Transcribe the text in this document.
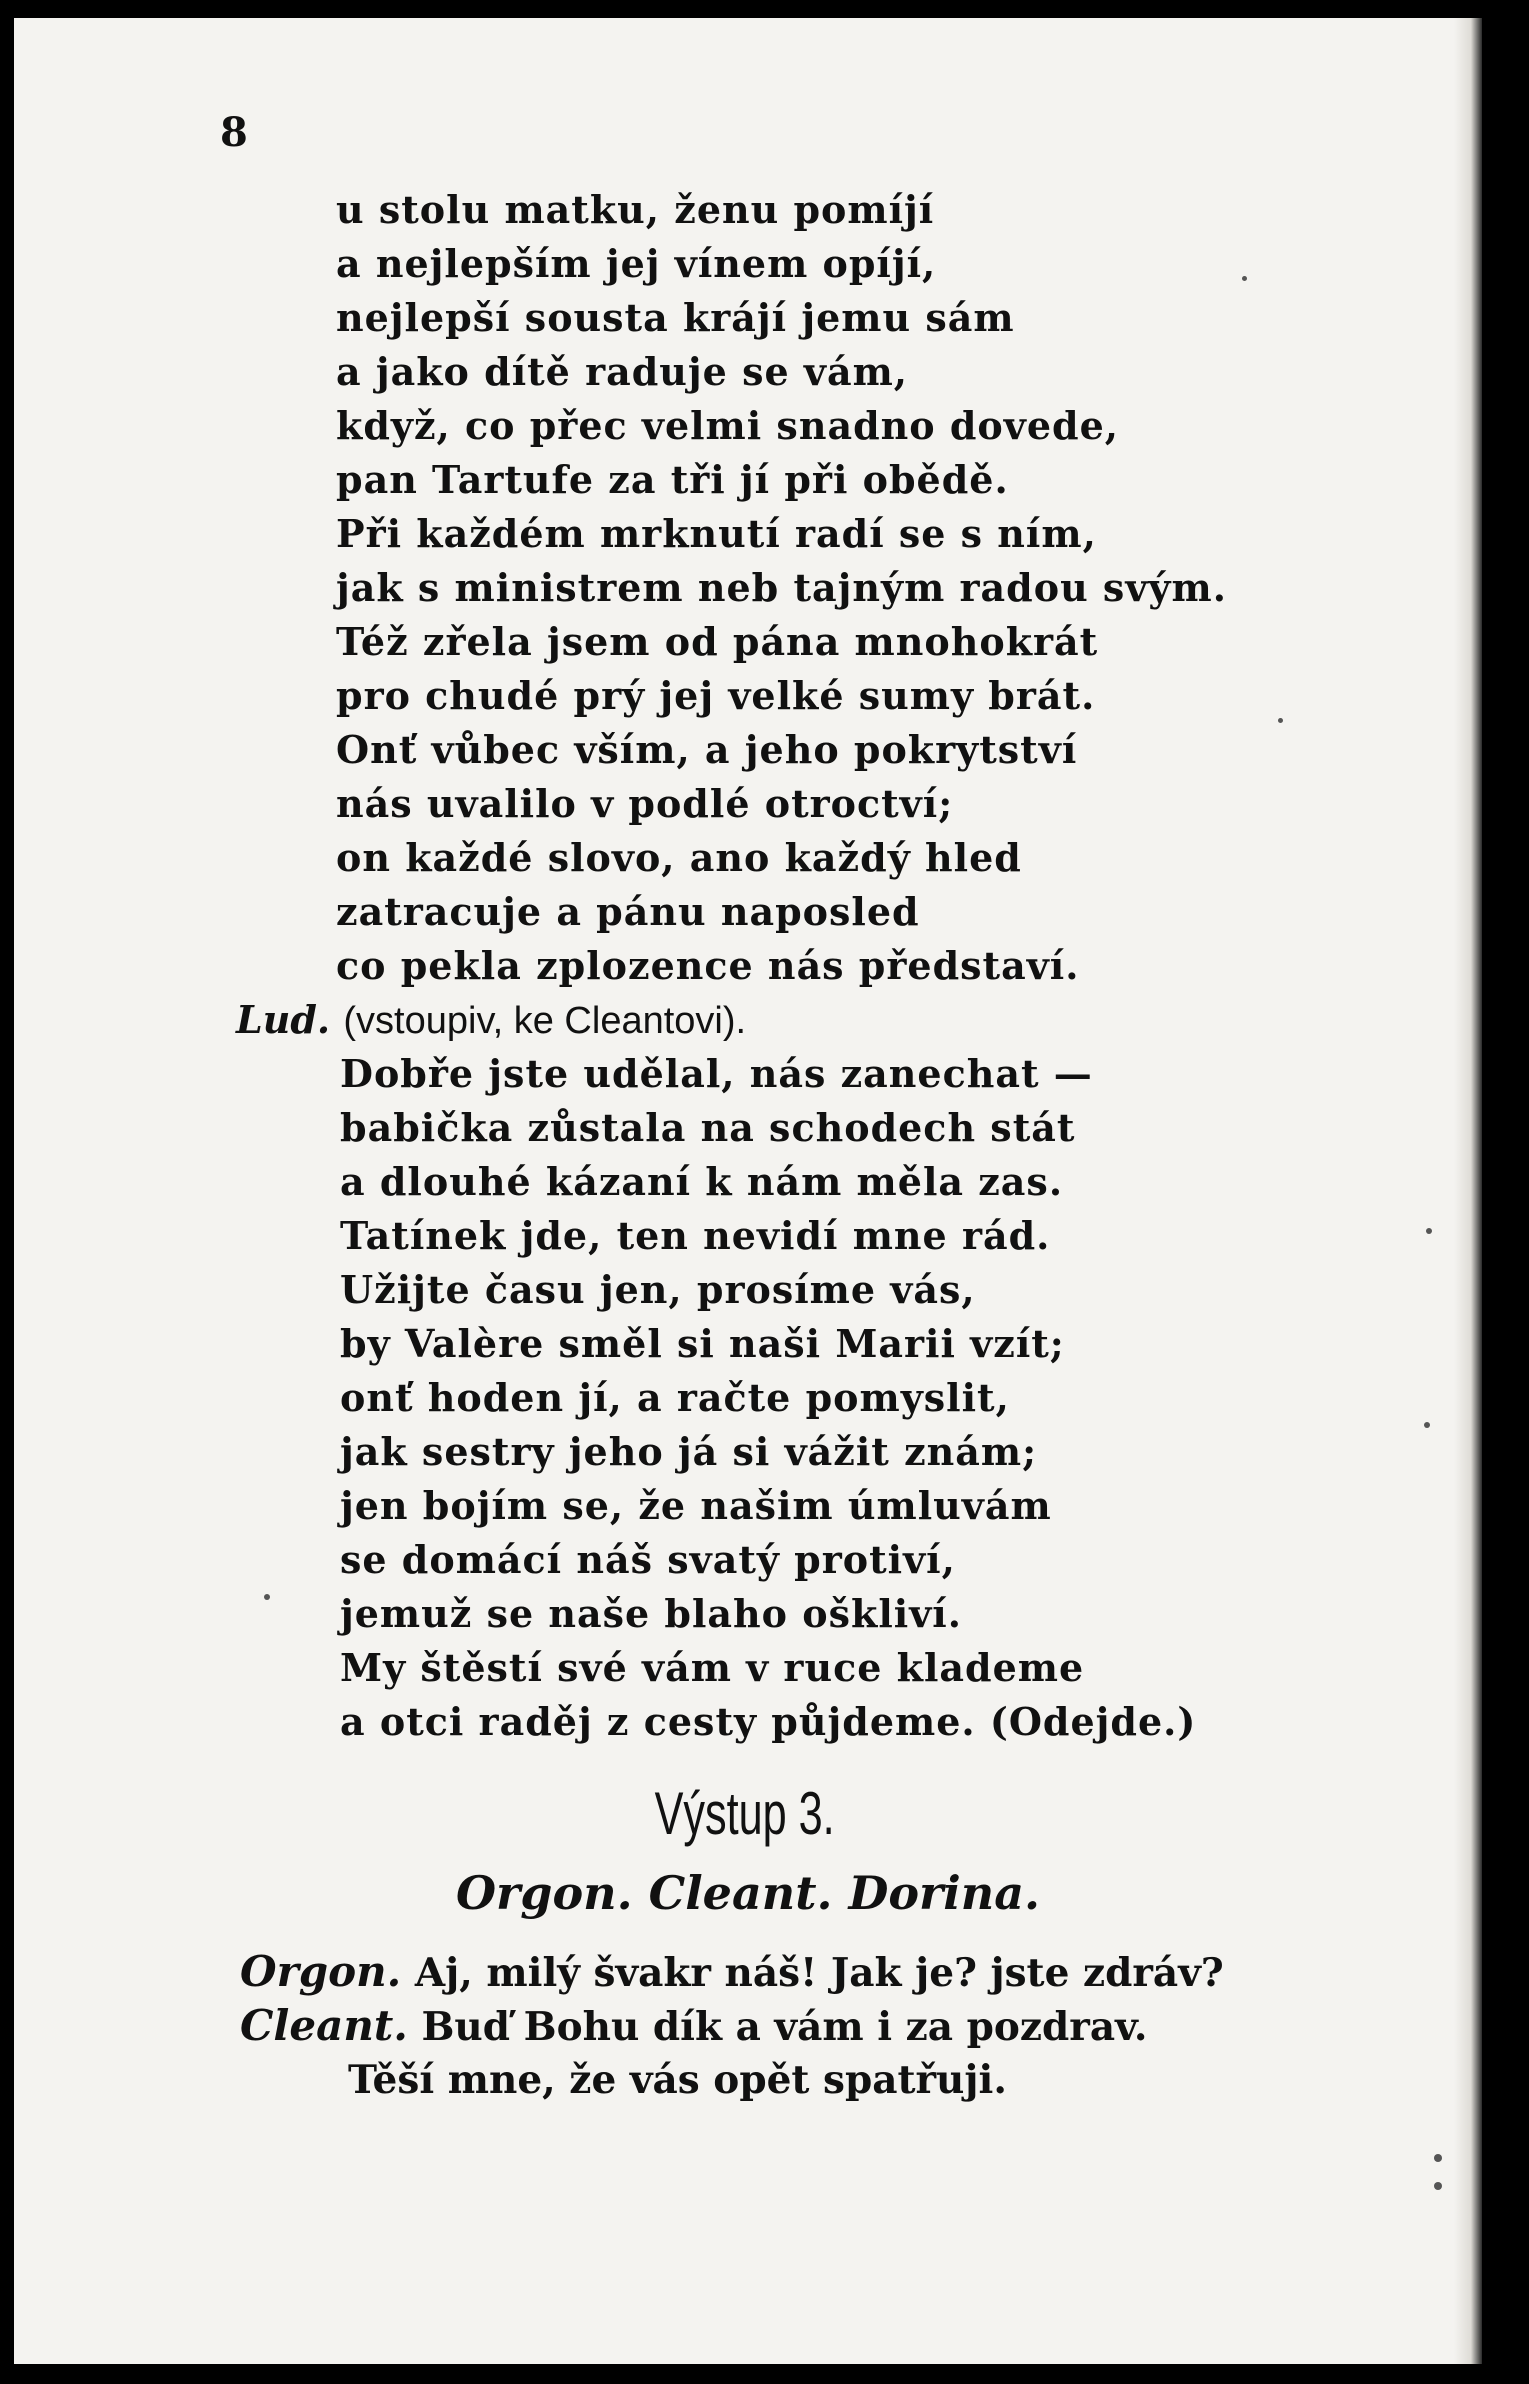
8
u stolu matku, ženu pomíjí
a nejlepším jej vínem opíjí,
nejlepší sousta krájí jemu sám
a jako dítě raduje se vám,
když, co přec velmi snadno dovede,
pan Tartufe za tři jí při obědě.
Při každém mrknutí radí se s ním,
jak s ministrem neb tajným radou svým.
Též zřela jsem od pána mnohokrát
pro chudé prý jej velké sumy brát.
Onť vůbec vším, a jeho pokrytství
nás uvalilo v podlé otroctví;
on každé slovo, ano každý hled
zatracuje a pánu naposled
co pekla zplozence nás představí.
Lud. (vstoupiv, ke Cleantovi).
Dobře jste udělal, nás zanechat —
babička zůstala na schodech stát
a dlouhé kázaní k nám měla zas.
Tatínek jde, ten nevidí mne rád.
Užijte času jen, prosíme vás,
by Valère směl si naši Marii vzít;
onť hoden jí, a račte pomyslit,
jak sestry jeho já si vážit znám;
jen bojím se, že našim úmluvám
se domácí náš svatý protiví,
jemuž se naše blaho oškliví.
My štěstí své vám v ruce klademe
a otci raděj z cesty půjdeme. (Odejde.)
Výstup 3.
Orgon. Cleant. Dorina.
Orgon. Aj, milý švakr náš! Jak je? jste zdráv?
Cleant. Buď Bohu dík a vám i za pozdrav.
Těší mne, že vás opět spatřuji.
